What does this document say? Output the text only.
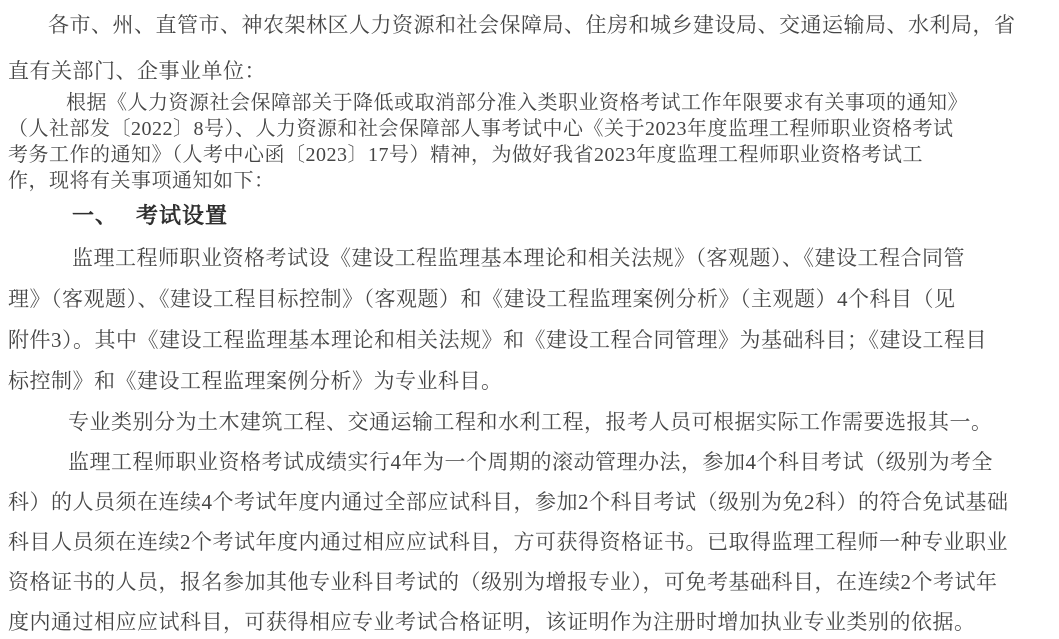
各市、州、直管市、神农架林区人力资源和社会保障局、住房和城乡建设局、交通运输局、水利局，省
直有关部门、企事业单位：
根据《人力资源社会保障部关于降低或取消部分准入类职业资格考试工作年限要求有关事项的通知》
（人社部发〔2022〕8号）、人力资源和社会保障部人事考试中心《关于2023年度监理工程师职业资格考试
考务工作的通知》（人考中心函〔2023〕17号）精神，为做好我省2023年度监理工程师职业资格考试工
作，现将有关事项通知如下：
一、 考试设置
监理工程师职业资格考试设《建设工程监理基本理论和相关法规》（客观题）、《建设工程合同管
理》（客观题）、《建设工程目标控制》（客观题）和《建设工程监理案例分析》（主观题）4个科目（见
附件3）。其中《建设工程监理基本理论和相关法规》和《建设工程合同管理》为基础科目；《建设工程目
标控制》和《建设工程监理案例分析》为专业科目。
专业类别分为土木建筑工程、交通运输工程和水利工程，报考人员可根据实际工作需要选报其一。
监理工程师职业资格考试成绩实行4年为一个周期的滚动管理办法，参加4个科目考试（级别为考全
科）的人员须在连续4个考试年度内通过全部应试科目，参加2个科目考试（级别为免2科）的符合免试基础
科目人员须在连续2个考试年度内通过相应应试科目，方可获得资格证书。已取得监理工程师一种专业职业
资格证书的人员，报名参加其他专业科目考试的（级别为增报专业），可免考基础科目，在连续2个考试年
度内通过相应应试科目，可获得相应专业考试合格证明，该证明作为注册时增加执业专业类别的依据。
